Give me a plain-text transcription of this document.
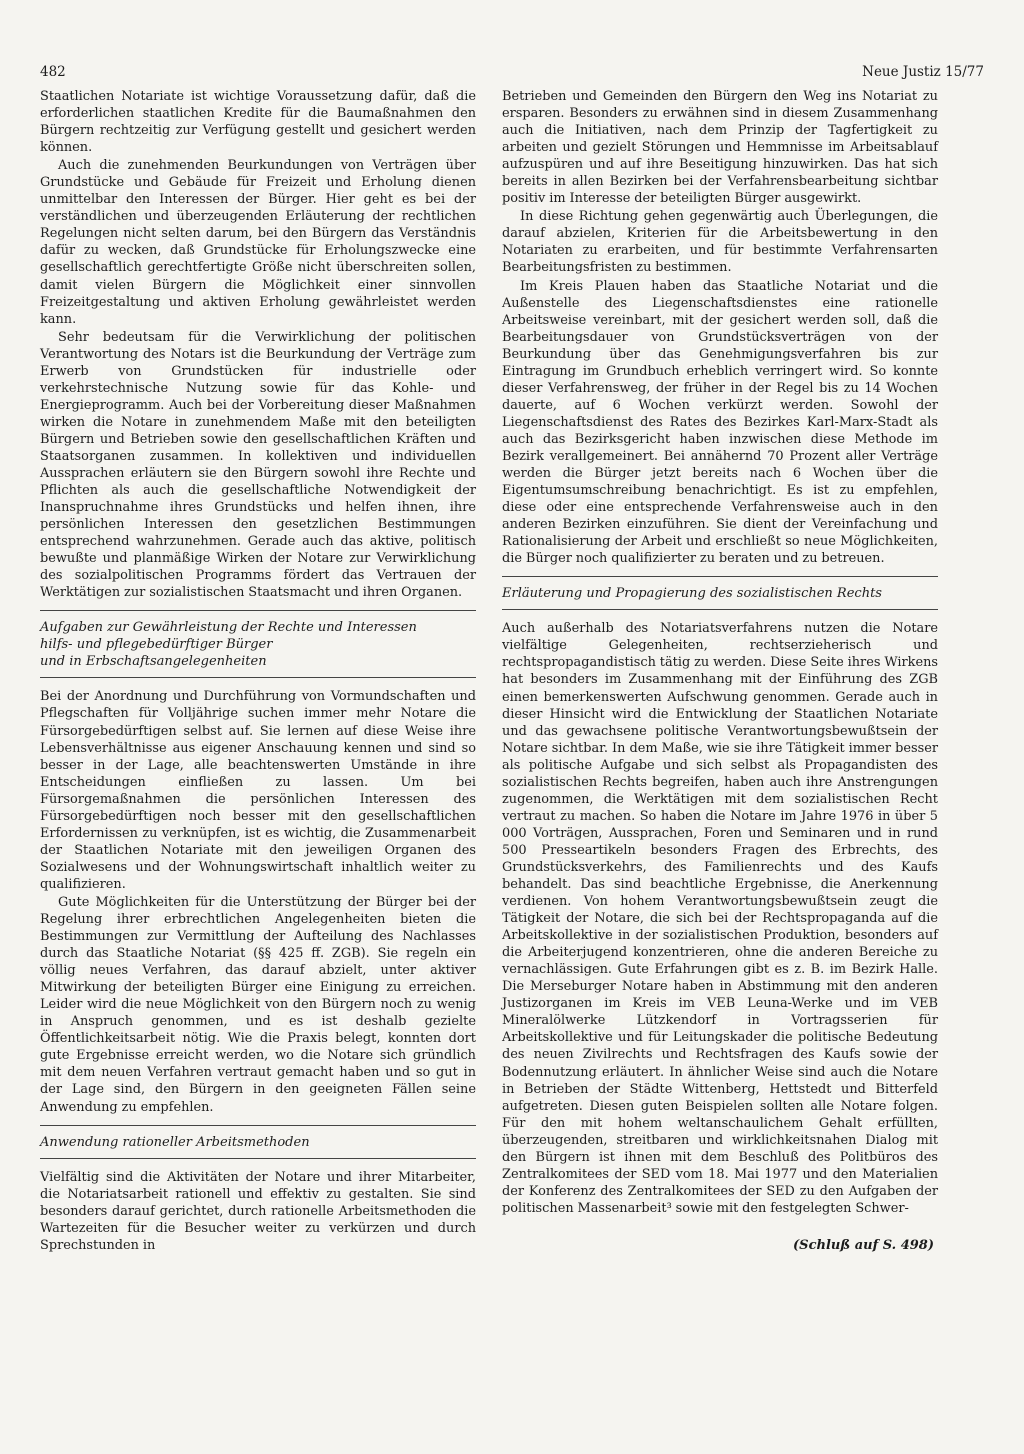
482	Neue Justiz 15/77

Staatlichen Notariate ist wichtige Voraussetzung dafür, daß die erforderlichen staatlichen Kredite für die Baumaßnahmen den Bürgern rechtzeitig zur Verfügung gestellt und gesichert werden können.

Auch die zunehmenden Beurkundungen von Verträgen über Grundstücke und Gebäude für Freizeit und Erholung dienen unmittelbar den Interessen der Bürger. Hier geht es bei der verständlichen und überzeugenden Erläuterung der rechtlichen Regelungen nicht selten darum, bei den Bürgern das Verständnis dafür zu wecken, daß Grundstücke für Erholungszwecke eine gesellschaftlich gerechtfertigte Größe nicht überschreiten sollen, damit vielen Bürgern die Möglichkeit einer sinnvollen Freizeitgestaltung und aktiven Erholung gewährleistet werden kann.

Sehr bedeutsam für die Verwirklichung der politischen Verantwortung des Notars ist die Beurkundung der Verträge zum Erwerb von Grundstücken für industrielle oder verkehrstechnische Nutzung sowie für das Kohle- und Energieprogramm. Auch bei der Vorbereitung dieser Maßnahmen wirken die Notare in zunehmendem Maße mit den beteiligten Bürgern und Betrieben sowie den gesellschaftlichen Kräften und Staatsorganen zusammen. In kollektiven und individuellen Aussprachen erläutern sie den Bürgern sowohl ihre Rechte und Pflichten als auch die gesellschaftliche Notwendigkeit der Inanspruchnahme ihres Grundstücks und helfen ihnen, ihre persönlichen Interessen den gesetzlichen Bestimmungen entsprechend wahrzunehmen. Gerade auch das aktive, politisch bewußte und planmäßige Wirken der Notare zur Verwirklichung des sozialpolitischen Programms fördert das Vertrauen der Werktätigen zur sozialistischen Staatsmacht und ihren Organen.

Aufgaben zur Gewährleistung der Rechte und Interessen
hilfs- und pflegebedürftiger Bürger
und in Erbschaftsangelegenheiten

Bei der Anordnung und Durchführung von Vormundschaften und Pflegschaften für Volljährige suchen immer mehr Notare die Fürsorgebedürftigen selbst auf. Sie lernen auf diese Weise ihre Lebensverhältnisse aus eigener Anschauung kennen und sind so besser in der Lage, alle beachtenswerten Umstände in ihre Entscheidungen einfließen zu lassen. Um bei Fürsorgemaßnahmen die persönlichen Interessen des Fürsorgebedürftigen noch besser mit den gesellschaftlichen Erfordernissen zu verknüpfen, ist es wichtig, die Zusammenarbeit der Staatlichen Notariate mit den jeweiligen Organen des Sozialwesens und der Wohnungswirtschaft inhaltlich weiter zu qualifizieren.

Gute Möglichkeiten für die Unterstützung der Bürger bei der Regelung ihrer erbrechtlichen Angelegenheiten bieten die Bestimmungen zur Vermittlung der Aufteilung des Nachlasses durch das Staatliche Notariat (§§ 425 ff. ZGB). Sie regeln ein völlig neues Verfahren, das darauf abzielt, unter aktiver Mitwirkung der beteiligten Bürger eine Einigung zu erreichen. Leider wird die neue Möglichkeit von den Bürgern noch zu wenig in Anspruch genommen, und es ist deshalb gezielte Öffentlichkeitsarbeit nötig. Wie die Praxis belegt, konnten dort gute Ergebnisse erreicht werden, wo die Notare sich gründlich mit dem neuen Verfahren vertraut gemacht haben und so gut in der Lage sind, den Bürgern in den geeigneten Fällen seine Anwendung zu empfehlen.

Anwendung rationeller Arbeitsmethoden

Vielfältig sind die Aktivitäten der Notare und ihrer Mitarbeiter, die Notariatsarbeit rationell und effektiv zu gestalten. Sie sind besonders darauf gerichtet, durch rationelle Arbeitsmethoden die Wartezeiten für die Besucher weiter zu verkürzen und durch Sprechstunden in

Betrieben und Gemeinden den Bürgern den Weg ins Notariat zu ersparen. Besonders zu erwähnen sind in diesem Zusammenhang auch die Initiativen, nach dem Prinzip der Tagfertigkeit zu arbeiten und gezielt Störungen und Hemmnisse im Arbeitsablauf aufzuspüren und auf ihre Beseitigung hinzuwirken. Das hat sich bereits in allen Bezirken bei der Verfahrensbearbeitung sichtbar positiv im Interesse der beteiligten Bürger ausgewirkt.

In diese Richtung gehen gegenwärtig auch Überlegungen, die darauf abzielen, Kriterien für die Arbeitsbewertung in den Notariaten zu erarbeiten, und für bestimmte Verfahrensarten Bearbeitungsfristen zu bestimmen.

Im Kreis Plauen haben das Staatliche Notariat und die Außenstelle des Liegenschaftsdienstes eine rationelle Arbeitsweise vereinbart, mit der gesichert werden soll, daß die Bearbeitungsdauer von Grundstücksverträgen von der Beurkundung über das Genehmigungsverfahren bis zur Eintragung im Grundbuch erheblich verringert wird. So konnte dieser Verfahrensweg, der früher in der Regel bis zu 14 Wochen dauerte, auf 6 Wochen verkürzt werden. Sowohl der Liegenschaftsdienst des Rates des Bezirkes Karl-Marx-Stadt als auch das Bezirksgericht haben inzwischen diese Methode im Bezirk verallgemeinert. Bei annähernd 70 Prozent aller Verträge werden die Bürger jetzt bereits nach 6 Wochen über die Eigentumsumschreibung benachrichtigt. Es ist zu empfehlen, diese oder eine entsprechende Verfahrensweise auch in den anderen Bezirken einzuführen. Sie dient der Vereinfachung und Rationalisierung der Arbeit und erschließt so neue Möglichkeiten, die Bürger noch qualifizierter zu beraten und zu betreuen.

Erläuterung und Propagierung des sozialistischen Rechts

Auch außerhalb des Notariatsverfahrens nutzen die Notare vielfältige Gelegenheiten, rechtserzieherisch und rechtspropagandistisch tätig zu werden. Diese Seite ihres Wirkens hat besonders im Zusammenhang mit der Einführung des ZGB einen bemerkenswerten Aufschwung genommen. Gerade auch in dieser Hinsicht wird die Entwicklung der Staatlichen Notariate und das gewachsene politische Verantwortungsbewußtsein der Notare sichtbar. In dem Maße, wie sie ihre Tätigkeit immer besser als politische Aufgabe und sich selbst als Propagandisten des sozialistischen Rechts begreifen, haben auch ihre Anstrengungen zugenommen, die Werktätigen mit dem sozialistischen Recht vertraut zu machen. So haben die Notare im Jahre 1976 in über 5 000 Vorträgen, Aussprachen, Foren und Seminaren und in rund 500 Presseartikeln besonders Fragen des Erbrechts, des Grundstücksverkehrs, des Familienrechts und des Kaufs behandelt. Das sind beachtliche Ergebnisse, die Anerkennung verdienen. Von hohem Verantwortungsbewußtsein zeugt die Tätigkeit der Notare, die sich bei der Rechtspropaganda auf die Arbeitskollektive in der sozialistischen Produktion, besonders auf die Arbeiterjugend konzentrieren, ohne die anderen Bereiche zu vernachlässigen. Gute Erfahrungen gibt es z. B. im Bezirk Halle. Die Merseburger Notare haben in Abstimmung mit den anderen Justizorganen im Kreis im VEB Leuna-Werke und im VEB Mineralölwerke Lützkendorf in Vortragsserien für Arbeitskollektive und für Leitungskader die politische Bedeutung des neuen Zivilrechts und Rechtsfragen des Kaufs sowie der Bodennutzung erläutert. In ähnlicher Weise sind auch die Notare in Betrieben der Städte Wittenberg, Hettstedt und Bitterfeld aufgetreten. Diesen guten Beispielen sollten alle Notare folgen. Für den mit hohem weltanschaulichem Gehalt erfüllten, überzeugenden, streitbaren und wirklichkeitsnahen Dialog mit den Bürgern ist ihnen mit dem Beschluß des Politbüros des Zentralkomitees der SED vom 18. Mai 1977 und den Materialien der Konferenz des Zentralkomitees der SED zu den Aufgaben der politischen Massenarbeit³ sowie mit den festgelegten Schwer-

(Schluß auf S. 498)
